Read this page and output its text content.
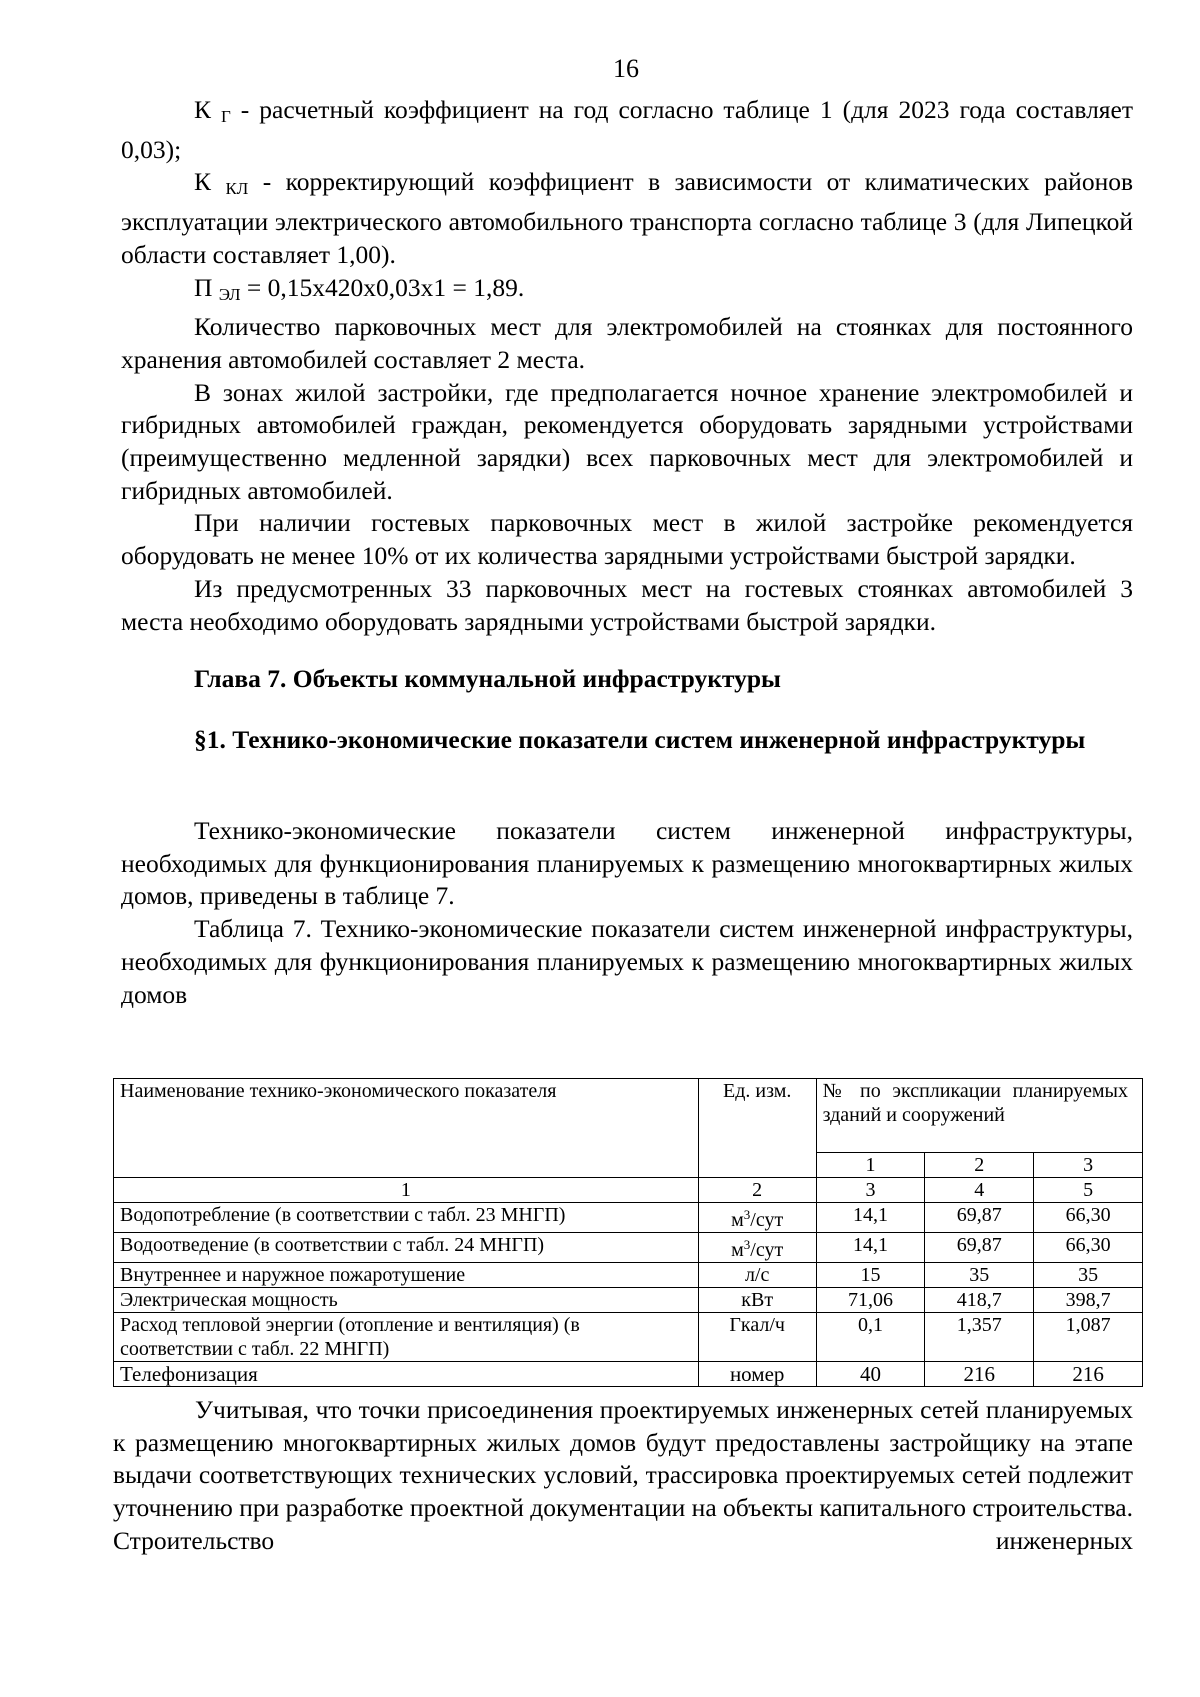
16

К $_Г$ - расчетный коэффициент на год согласно таблице 1 (для 2023 года составляет 0,03);

К $_{КЛ}$ - корректирующий коэффициент в зависимости от климатических районов эксплуатации электрического автомобильного транспорта согласно таблице 3 (для Липецкой области составляет 1,00).

П $_{ЭЛ}$ = 0,15х420х0,03х1 = 1,89.

Количество парковочных мест для электромобилей на стоянках для постоянного хранения автомобилей составляет 2 места.

В зонах жилой застройки, где предполагается ночное хранение электромобилей и гибридных автомобилей граждан, рекомендуется оборудовать зарядными устройствами (преимущественно медленной зарядки) всех парковочных мест для электромобилей и гибридных автомобилей.

При наличии гостевых парковочных мест в жилой застройке рекомендуется оборудовать не менее 10% от их количества зарядными устройствами быстрой зарядки.

Из предусмотренных 33 парковочных мест на гостевых стоянках автомобилей 3 места необходимо оборудовать зарядными устройствами быстрой зарядки.

Глава 7. Объекты коммунальной инфраструктуры

§1. Технико-экономические показатели систем инженерной инфраструктуры

Технико-экономические показатели систем инженерной инфраструктуры, необходимых для функционирования планируемых к размещению многоквартирных жилых домов, приведены в таблице 7.

Таблица 7. Технико-экономические показатели систем инженерной инфраструктуры, необходимых для функционирования планируемых к размещению многоквартирных жилых домов

Наименование технико-экономического показателя	Ед. изм.	№ по экспликации планируемых зданий и сооружений		
		1	2	3
1	2	3	4	5
Водопотребление (в соответствии с табл. 23 МНГП)	$м^3$/сут	14,1	69,87	66,30
Водоотведение (в соответствии с табл. 24 МНГП)	$м^3$/сут	14,1	69,87	66,30
Внутреннее и наружное пожаротушение	л/с	15	35	35
Электрическая мощность	кВт	71,06	418,7	398,7
Расход тепловой энергии (отопление и вентиляция) (в соответствии с табл. 22 МНГП)	Гкал/ч	0,1	1,357	1,087
Телефонизация	номер	40	216	216

Учитывая, что точки присоединения проектируемых инженерных сетей планируемых к размещению многоквартирных жилых домов будут предоставлены застройщику на этапе выдачи соответствующих технических условий, трассировка проектируемых сетей подлежит уточнению при разработке проектной документации на объекты капитального строительства. Строительство инженерных
